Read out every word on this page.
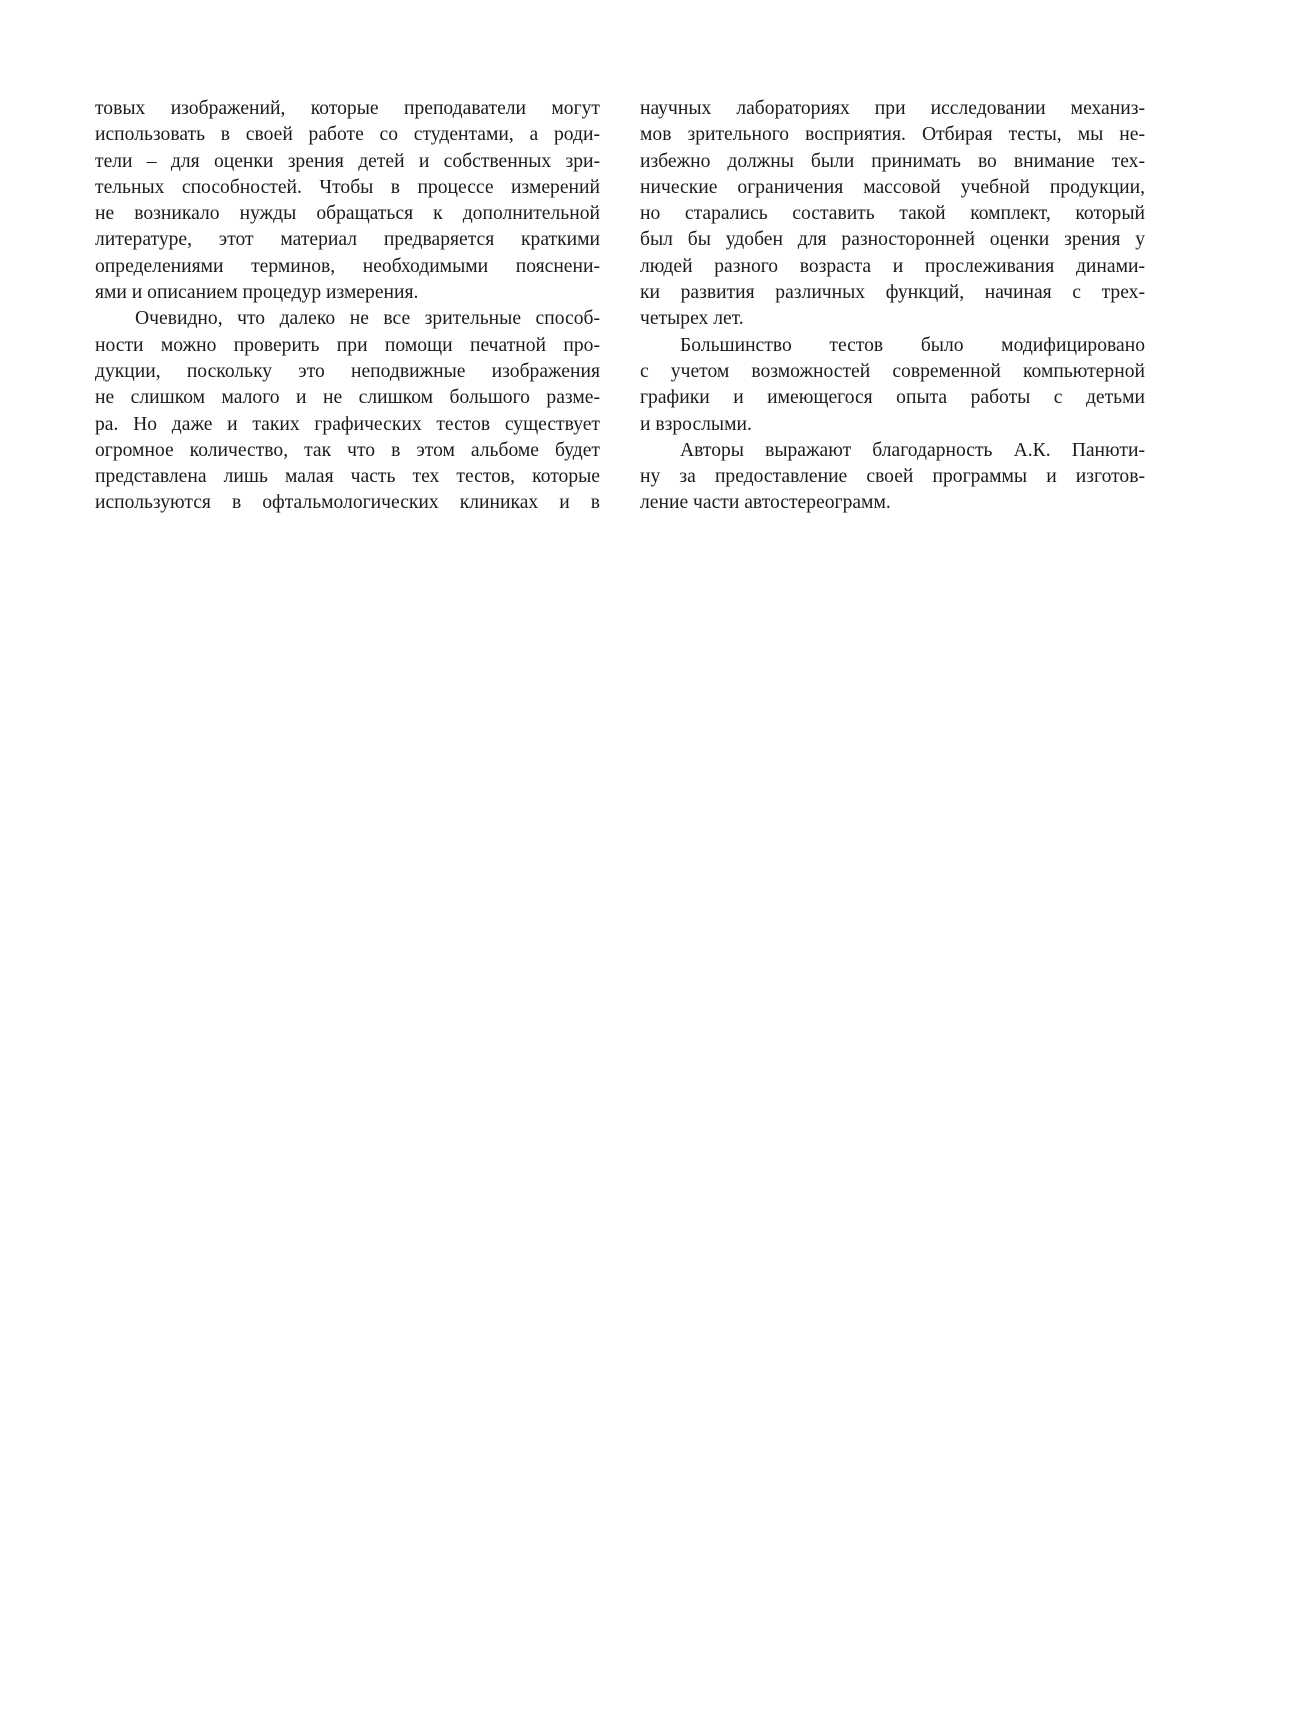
товых изображений, которые преподаватели могут
использовать в своей работе со студентами, а роди-
тели – для оценки зрения детей и собственных зри-
тельных способностей. Чтобы в процессе измерений
не возникало нужды обращаться к дополнительной
литературе, этот материал предваряется краткими
определениями терминов, необходимыми пояснени-
ями и описанием процедур измерения.
Очевидно, что далеко не все зрительные способ-
ности можно проверить при помощи печатной про-
дукции, поскольку это неподвижные изображения
не слишком малого и не слишком большого разме-
ра. Но даже и таких графических тестов существует
огромное количество, так что в этом альбоме будет
представлена лишь малая часть тех тестов, которые
используются в офтальмологических клиниках и в
научных лабораториях при исследовании механиз-
мов зрительного восприятия. Отбирая тесты, мы не-
избежно должны были принимать во внимание тех-
нические ограничения массовой учебной продукции,
но старались составить такой комплект, который
был бы удобен для разносторонней оценки зрения у
людей разного возраста и прослеживания динами-
ки развития различных функций, начиная с трех-
четырех лет.
Большинство тестов было модифицировано
с учетом возможностей современной компьютерной
графики и имеющегося опыта работы с детьми
и взрослыми.
Авторы выражают благодарность А.К. Панюти-
ну за предоставление своей программы и изготов-
ление части автостереограмм.
